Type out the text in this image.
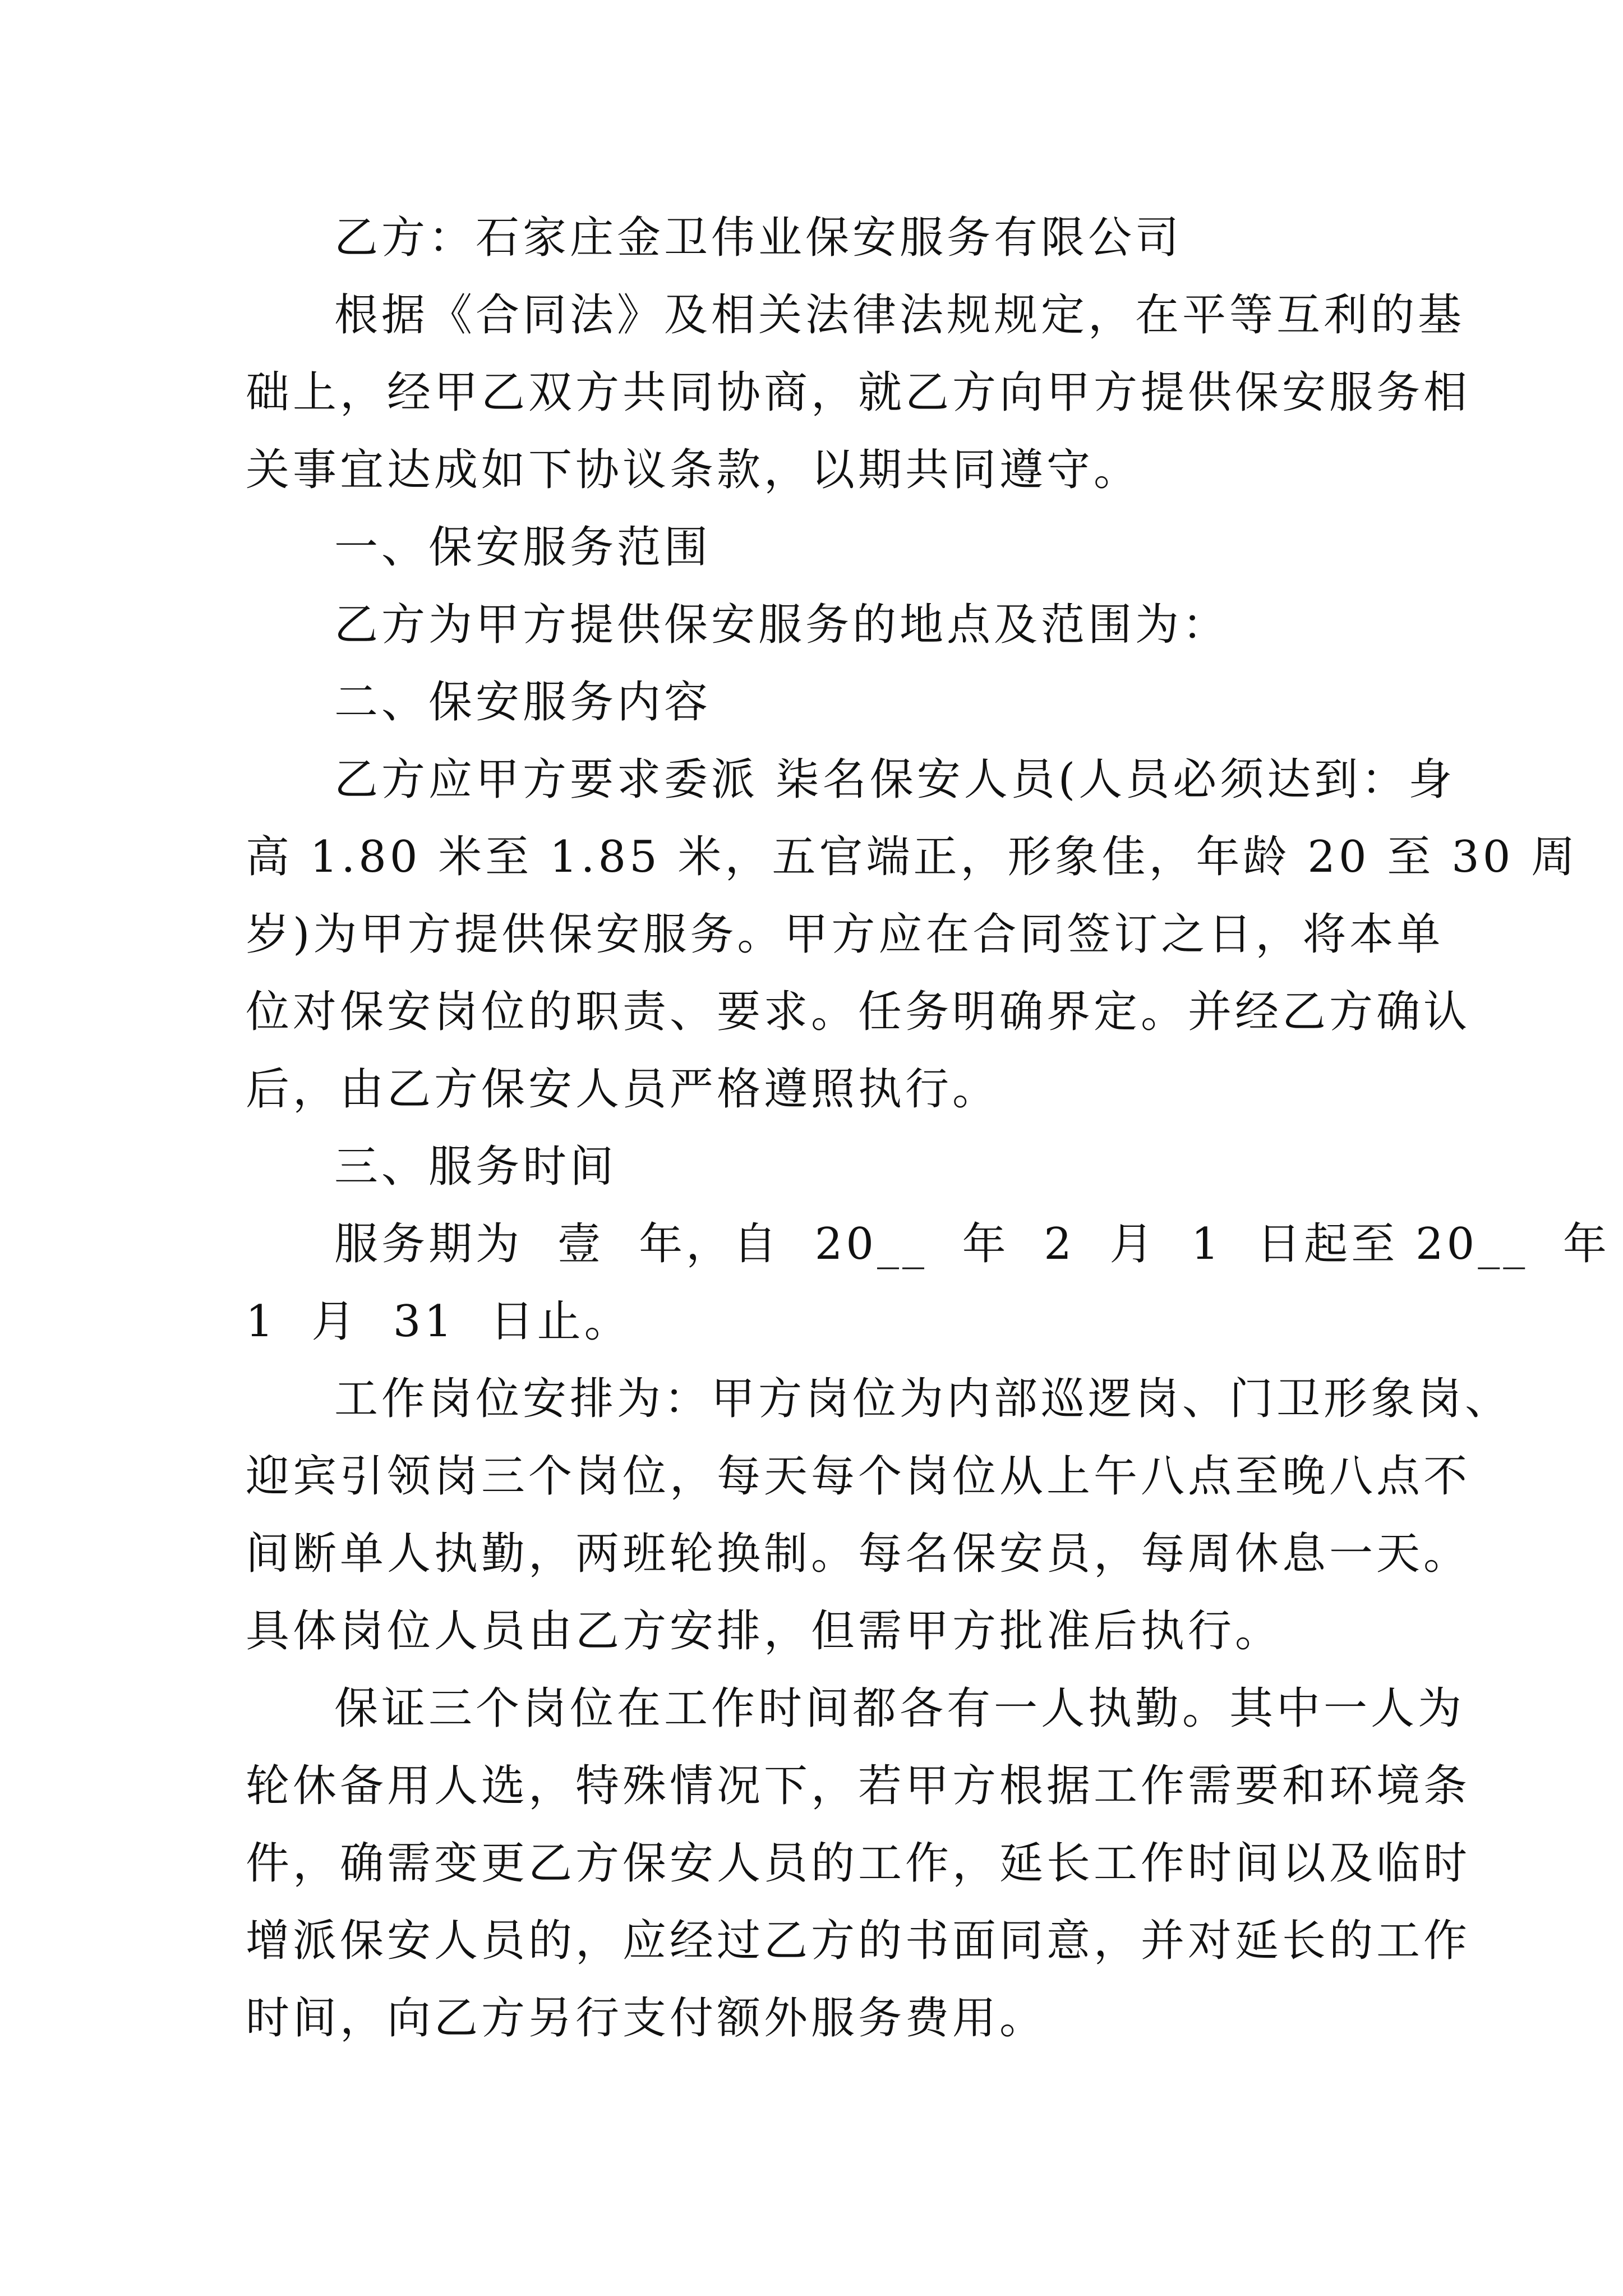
乙方：石家庄金卫伟业保安服务有限公司
根据《合同法》及相关法律法规规定，在平等互利的基
础上，经甲乙双方共同协商，就乙方向甲方提供保安服务相
关事宜达成如下协议条款，以期共同遵守。
一、保安服务范围
乙方为甲方提供保安服务的地点及范围为：
二、保安服务内容
乙方应甲方要求委派 柒名保安人员(人员必须达到：身
高 1.80 米至 1.85 米，五官端正，形象佳，年龄 20 至 30 周
岁)为甲方提供保安服务。甲方应在合同签订之日，将本单
位对保安岗位的职责、要求。任务明确界定。并经乙方确认
后，由乙方保安人员严格遵照执行。
三、服务时间
服务期为  壹  年，自  20__  年  2  月  1  日起至 20__  年
1  月  31  日止。
工作岗位安排为：甲方岗位为内部巡逻岗、门卫形象岗、
迎宾引领岗三个岗位，每天每个岗位从上午八点至晚八点不
间断单人执勤，两班轮换制。每名保安员，每周休息一天。
具体岗位人员由乙方安排，但需甲方批准后执行。
保证三个岗位在工作时间都各有一人执勤。其中一人为
轮休备用人选，特殊情况下，若甲方根据工作需要和环境条
件，确需变更乙方保安人员的工作，延长工作时间以及临时
增派保安人员的，应经过乙方的书面同意，并对延长的工作
时间，向乙方另行支付额外服务费用。
